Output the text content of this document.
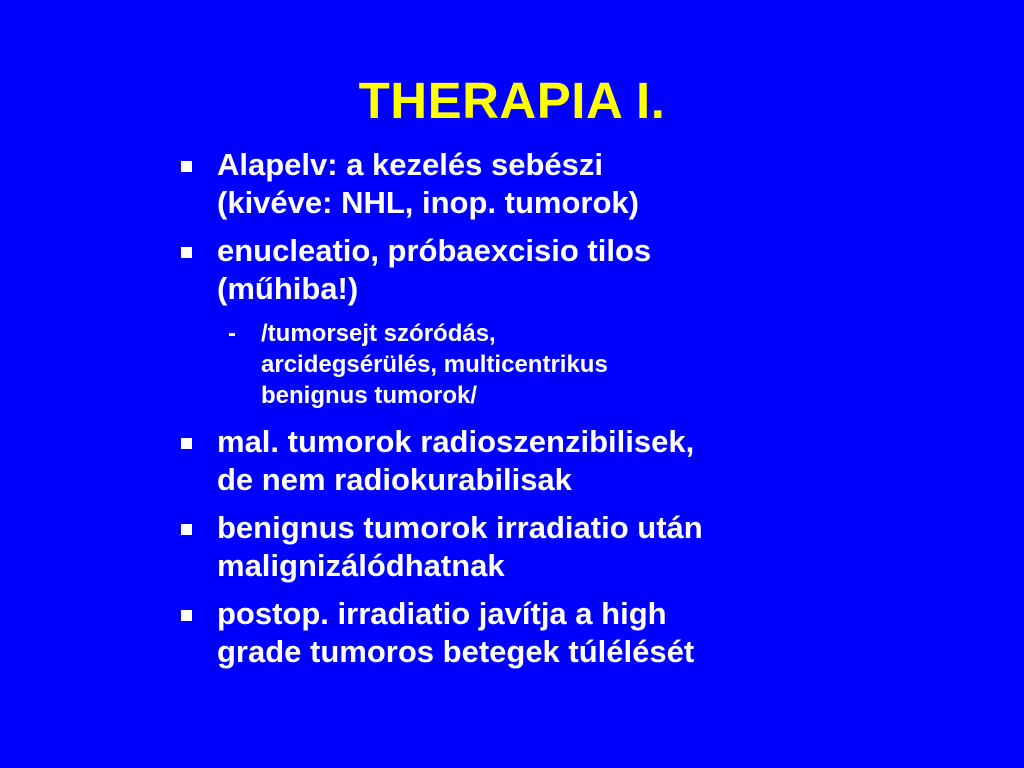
THERAPIA I.
Alapelv: a kezelés sebészi
(kivéve: NHL, inop. tumorok)
enucleatio, próbaexcisio tilos
(műhiba!)
- /tumorsejt szóródás,
arcidegsérülés, multicentrikus
benignus tumorok/
mal. tumorok radioszenzibilisek,
de nem radiokurabilisak
benignus tumorok irradiatio után
malignizálódhatnak
postop. irradiatio javítja a high
grade tumoros betegek túlélését
